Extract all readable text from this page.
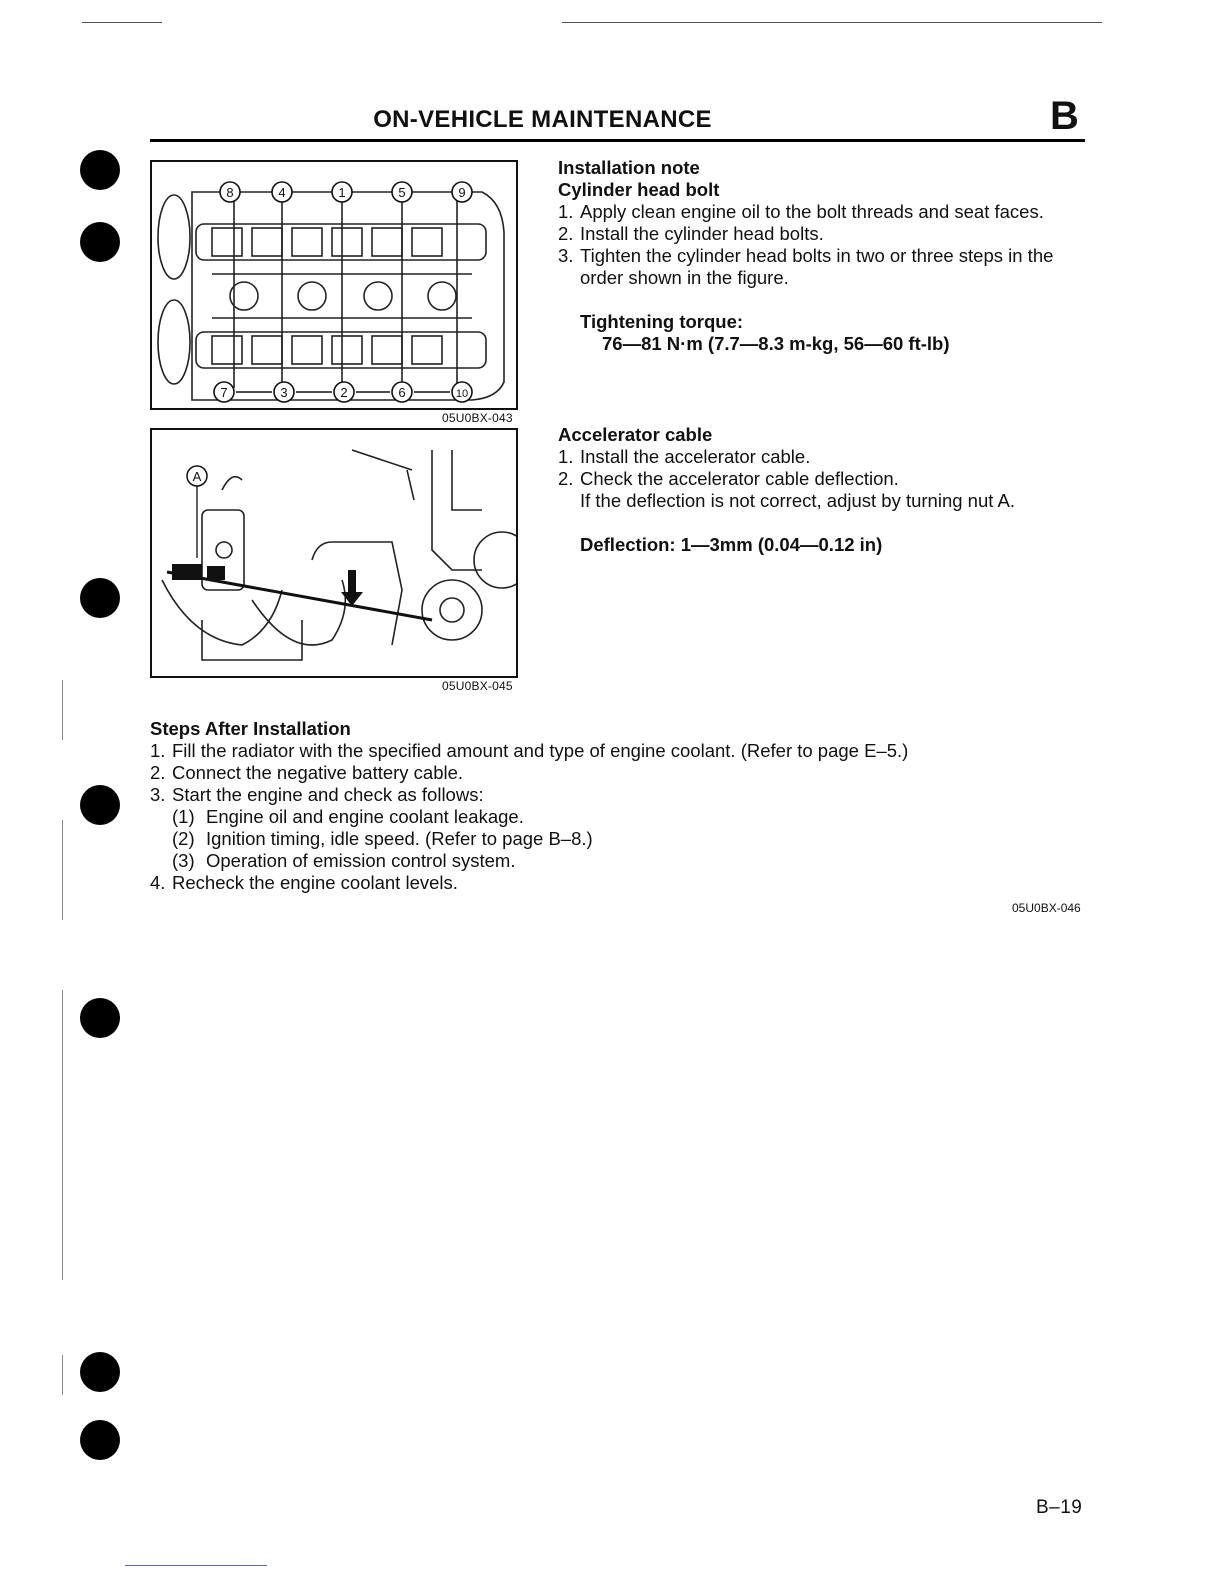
ON-VEHICLE MAINTENANCE	B
8	4	1	5	9
7	3	2	6	10
05U0BX-043
A
05U0BX-045
Installation note
Cylinder head bolt
1. Apply clean engine oil to the bolt threads and seat faces.
2. Install the cylinder head bolts.
3. Tighten the cylinder head bolts in two or three steps in the order shown in the figure.
Tightening torque:
76—81 N·m (7.7—8.3 m-kg, 56—60 ft-lb)
Accelerator cable
1. Install the accelerator cable.
2. Check the accelerator cable deflection.
If the deflection is not correct, adjust by turning nut A.
Deflection: 1—3mm (0.04—0.12 in)
Steps After Installation
1. Fill the radiator with the specified amount and type of engine coolant. (Refer to page E–5.)
2. Connect the negative battery cable.
3. Start the engine and check as follows:
(1) Engine oil and engine coolant leakage.
(2) Ignition timing, idle speed. (Refer to page B–8.)
(3) Operation of emission control system.
4. Recheck the engine coolant levels.
05U0BX-046
B–19
